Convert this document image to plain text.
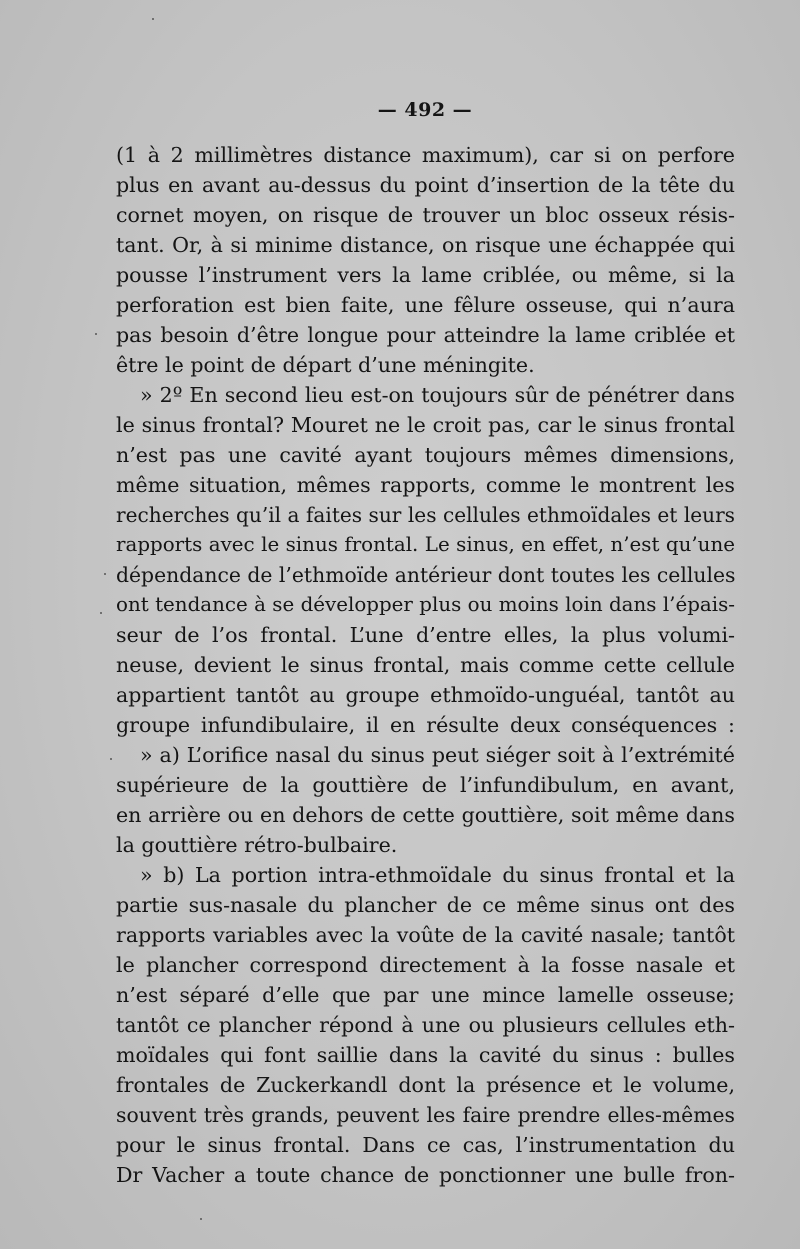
— 492 —
(1 à 2 millimètres distance maximum), car si on perfore
plus en avant au-dessus du point d’insertion de la tête du
cornet moyen, on risque de trouver un bloc osseux résis-
tant. Or, à si minime distance, on risque une échappée qui
pousse l’instrument vers la lame criblée, ou même, si la
perforation est bien faite, une fêlure osseuse, qui n’aura
pas besoin d’être longue pour atteindre la lame criblée et
être le point de départ d’une méningite.
» 2º En second lieu est-on toujours sûr de pénétrer dans
le sinus frontal? Mouret ne le croit pas, car le sinus frontal
n’est pas une cavité ayant toujours mêmes dimensions,
même situation, mêmes rapports, comme le montrent les
recherches qu’il a faites sur les cellules ethmoïdales et leurs
rapports avec le sinus frontal. Le sinus, en effet, n’est qu’une
dépendance de l’ethmoïde antérieur dont toutes les cellules
ont tendance à se développer plus ou moins loin dans l’épais-
seur de l’os frontal. L’une d’entre elles, la plus volumi-
neuse, devient le sinus frontal, mais comme cette cellule
appartient tantôt au groupe ethmoïdo-unguéal, tantôt au
groupe infundibulaire, il en résulte deux conséquences :
» a) L’orifice nasal du sinus peut siéger soit à l’extrémité
supérieure de la gouttière de l’infundibulum, en avant,
en arrière ou en dehors de cette gouttière, soit même dans
la gouttière rétro-bulbaire.
» b) La portion intra-ethmoïdale du sinus frontal et la
partie sus-nasale du plancher de ce même sinus ont des
rapports variables avec la voûte de la cavité nasale; tantôt
le plancher correspond directement à la fosse nasale et
n’est séparé d’elle que par une mince lamelle osseuse;
tantôt ce plancher répond à une ou plusieurs cellules eth-
moïdales qui font saillie dans la cavité du sinus : bulles
frontales de Zuckerkandl dont la présence et le volume,
souvent très grands, peuvent les faire prendre elles-mêmes
pour le sinus frontal. Dans ce cas, l’instrumentation du
Dr Vacher a toute chance de ponctionner une bulle fron-
